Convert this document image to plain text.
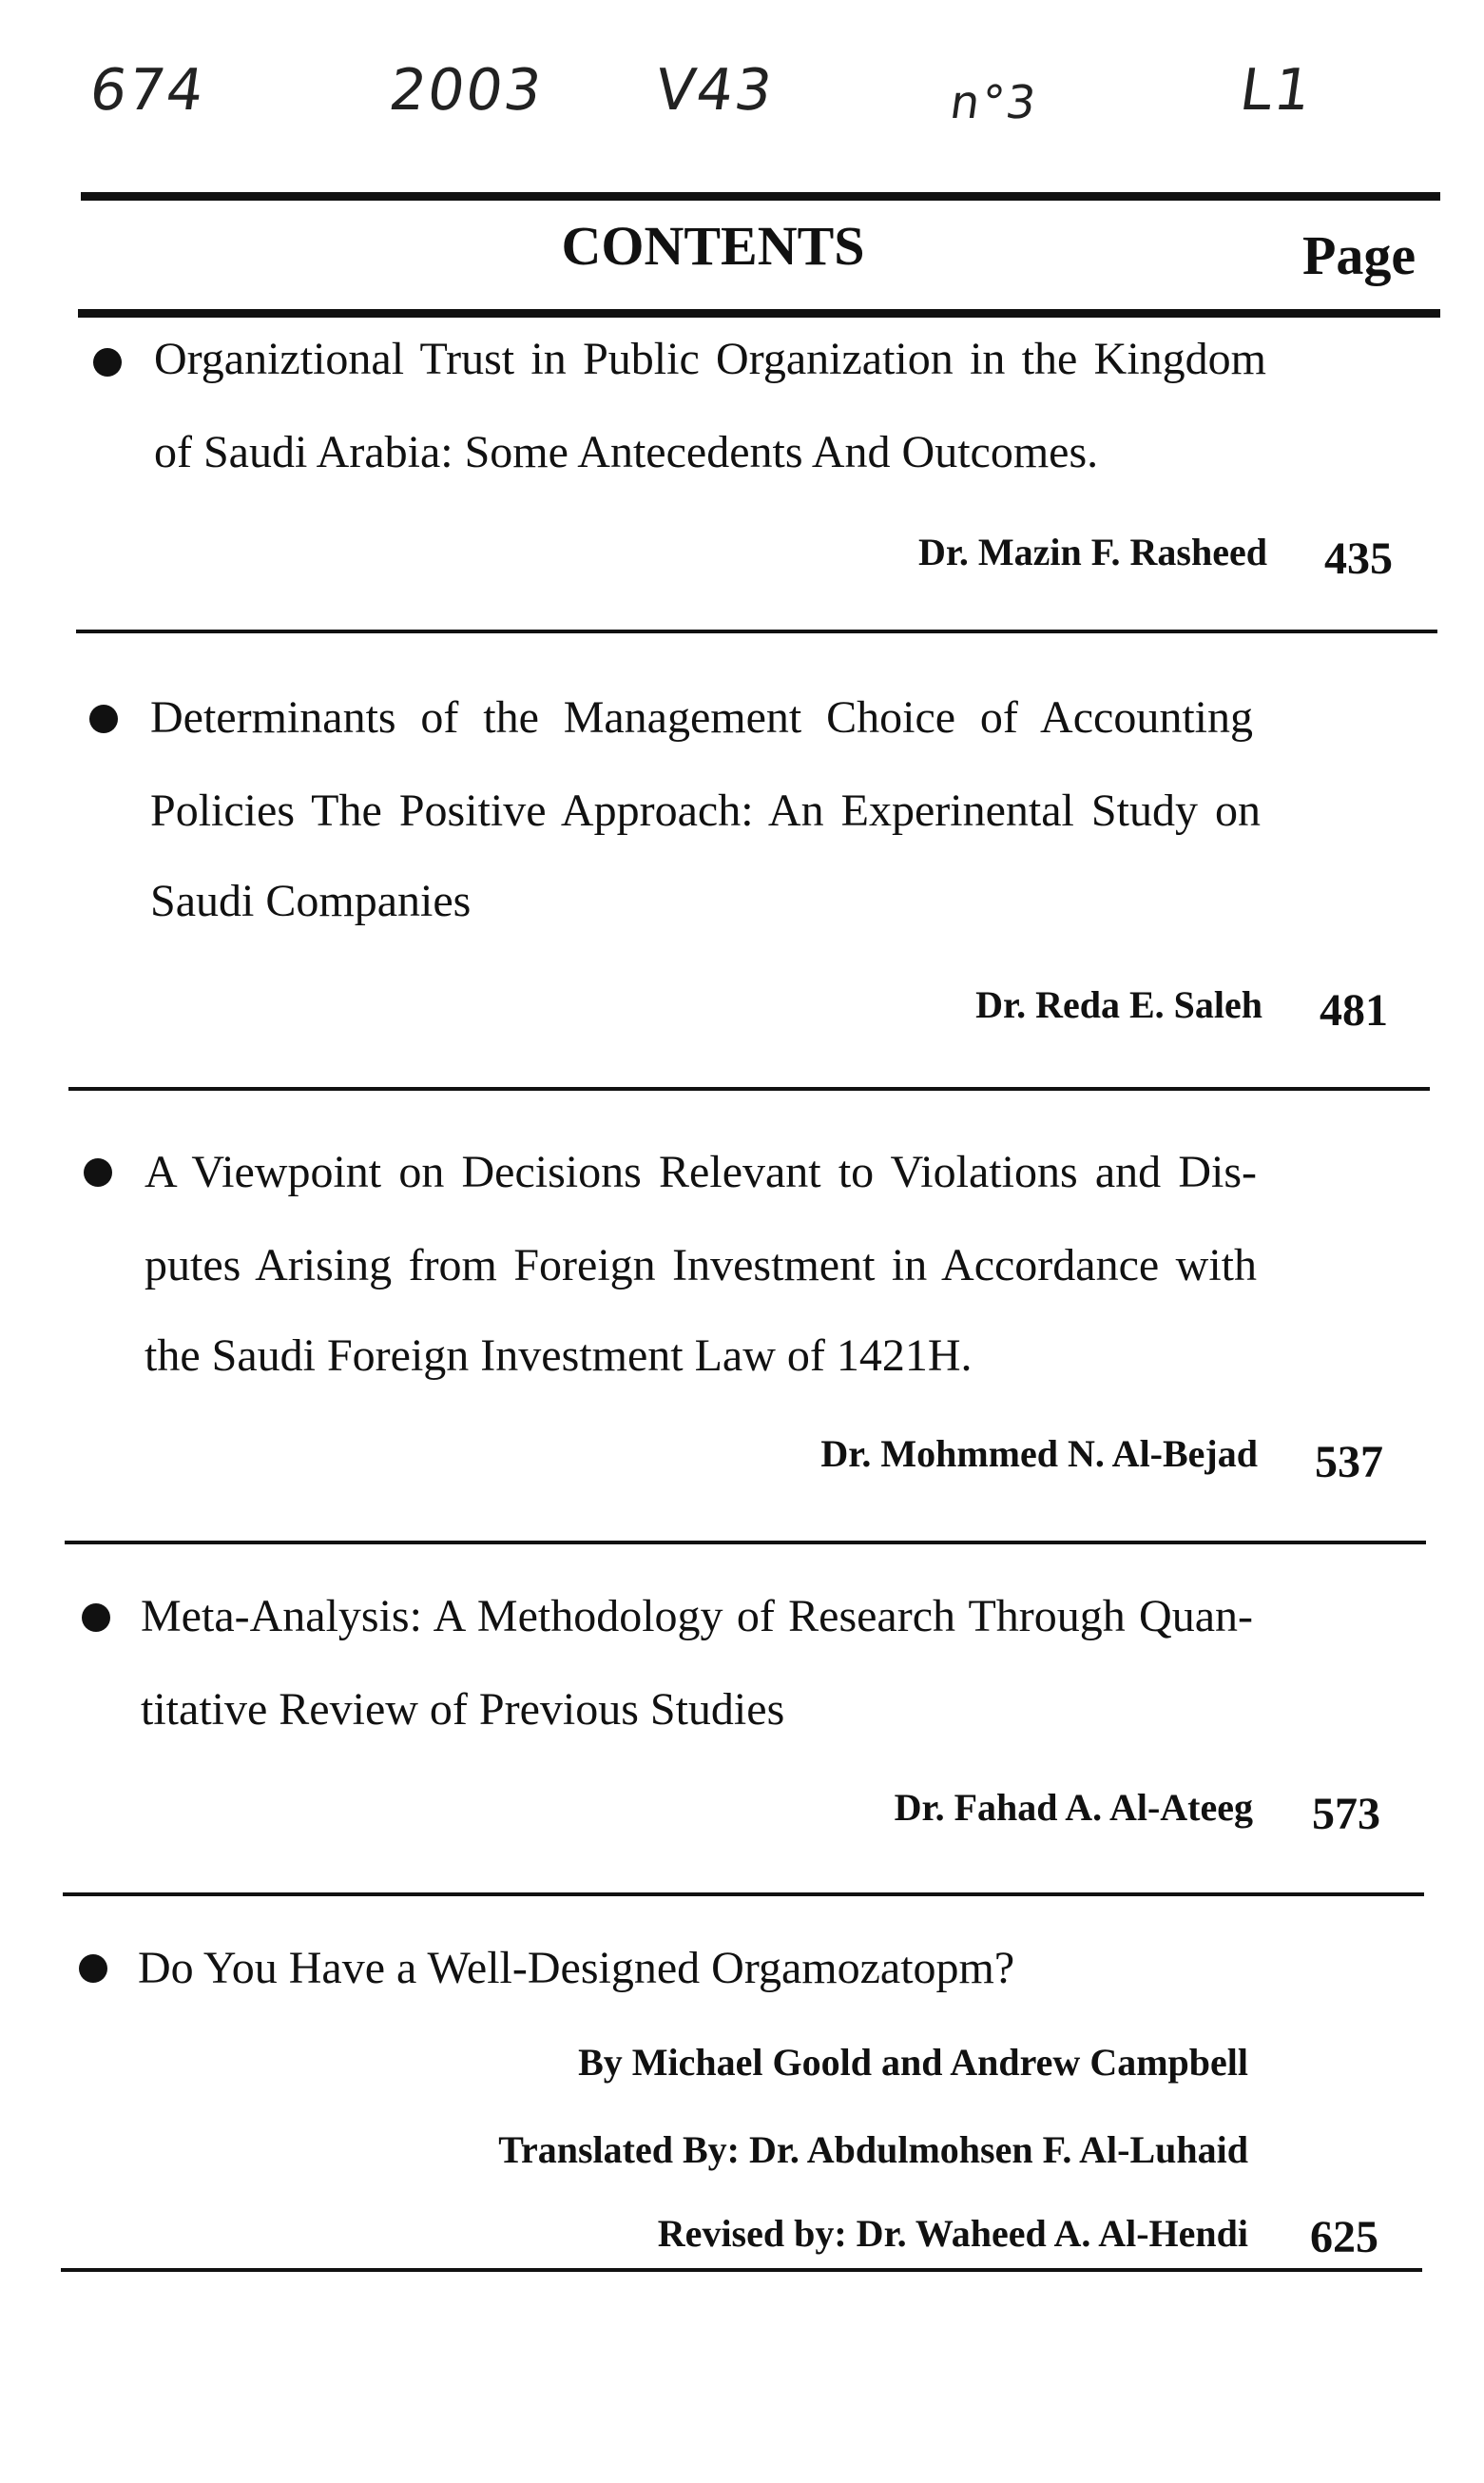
674	2003 V43	n°3	L1
CONTENTS	Page
Organiztional Trust in Public Organization in the Kingdom
of Saudi Arabia: Some Antecedents And Outcomes.
Dr. Mazin F. Rasheed 435
Determinants of the Management Choice of Accounting
Policies The Positive Approach: An Experinental Study on
Saudi Companies
Dr. Reda E. Saleh 481
A Viewpoint on Decisions Relevant to Violations and Dis-
putes Arising from Foreign Investment in Accordance with
the Saudi Foreign Investment Law of 1421H.
Dr. Mohmmed N. Al-Bejad 537
Meta-Analysis: A Methodology of Research Through Quan-
titative Review of Previous Studies
Dr. Fahad A. Al-Ateeg 573
Do You Have a Well-Designed Orgamozatopm?
By Michael Goold and Andrew Campbell
Translated By: Dr. Abdulmohsen F. Al-Luhaid
Revised by: Dr. Waheed A. Al-Hendi 625
